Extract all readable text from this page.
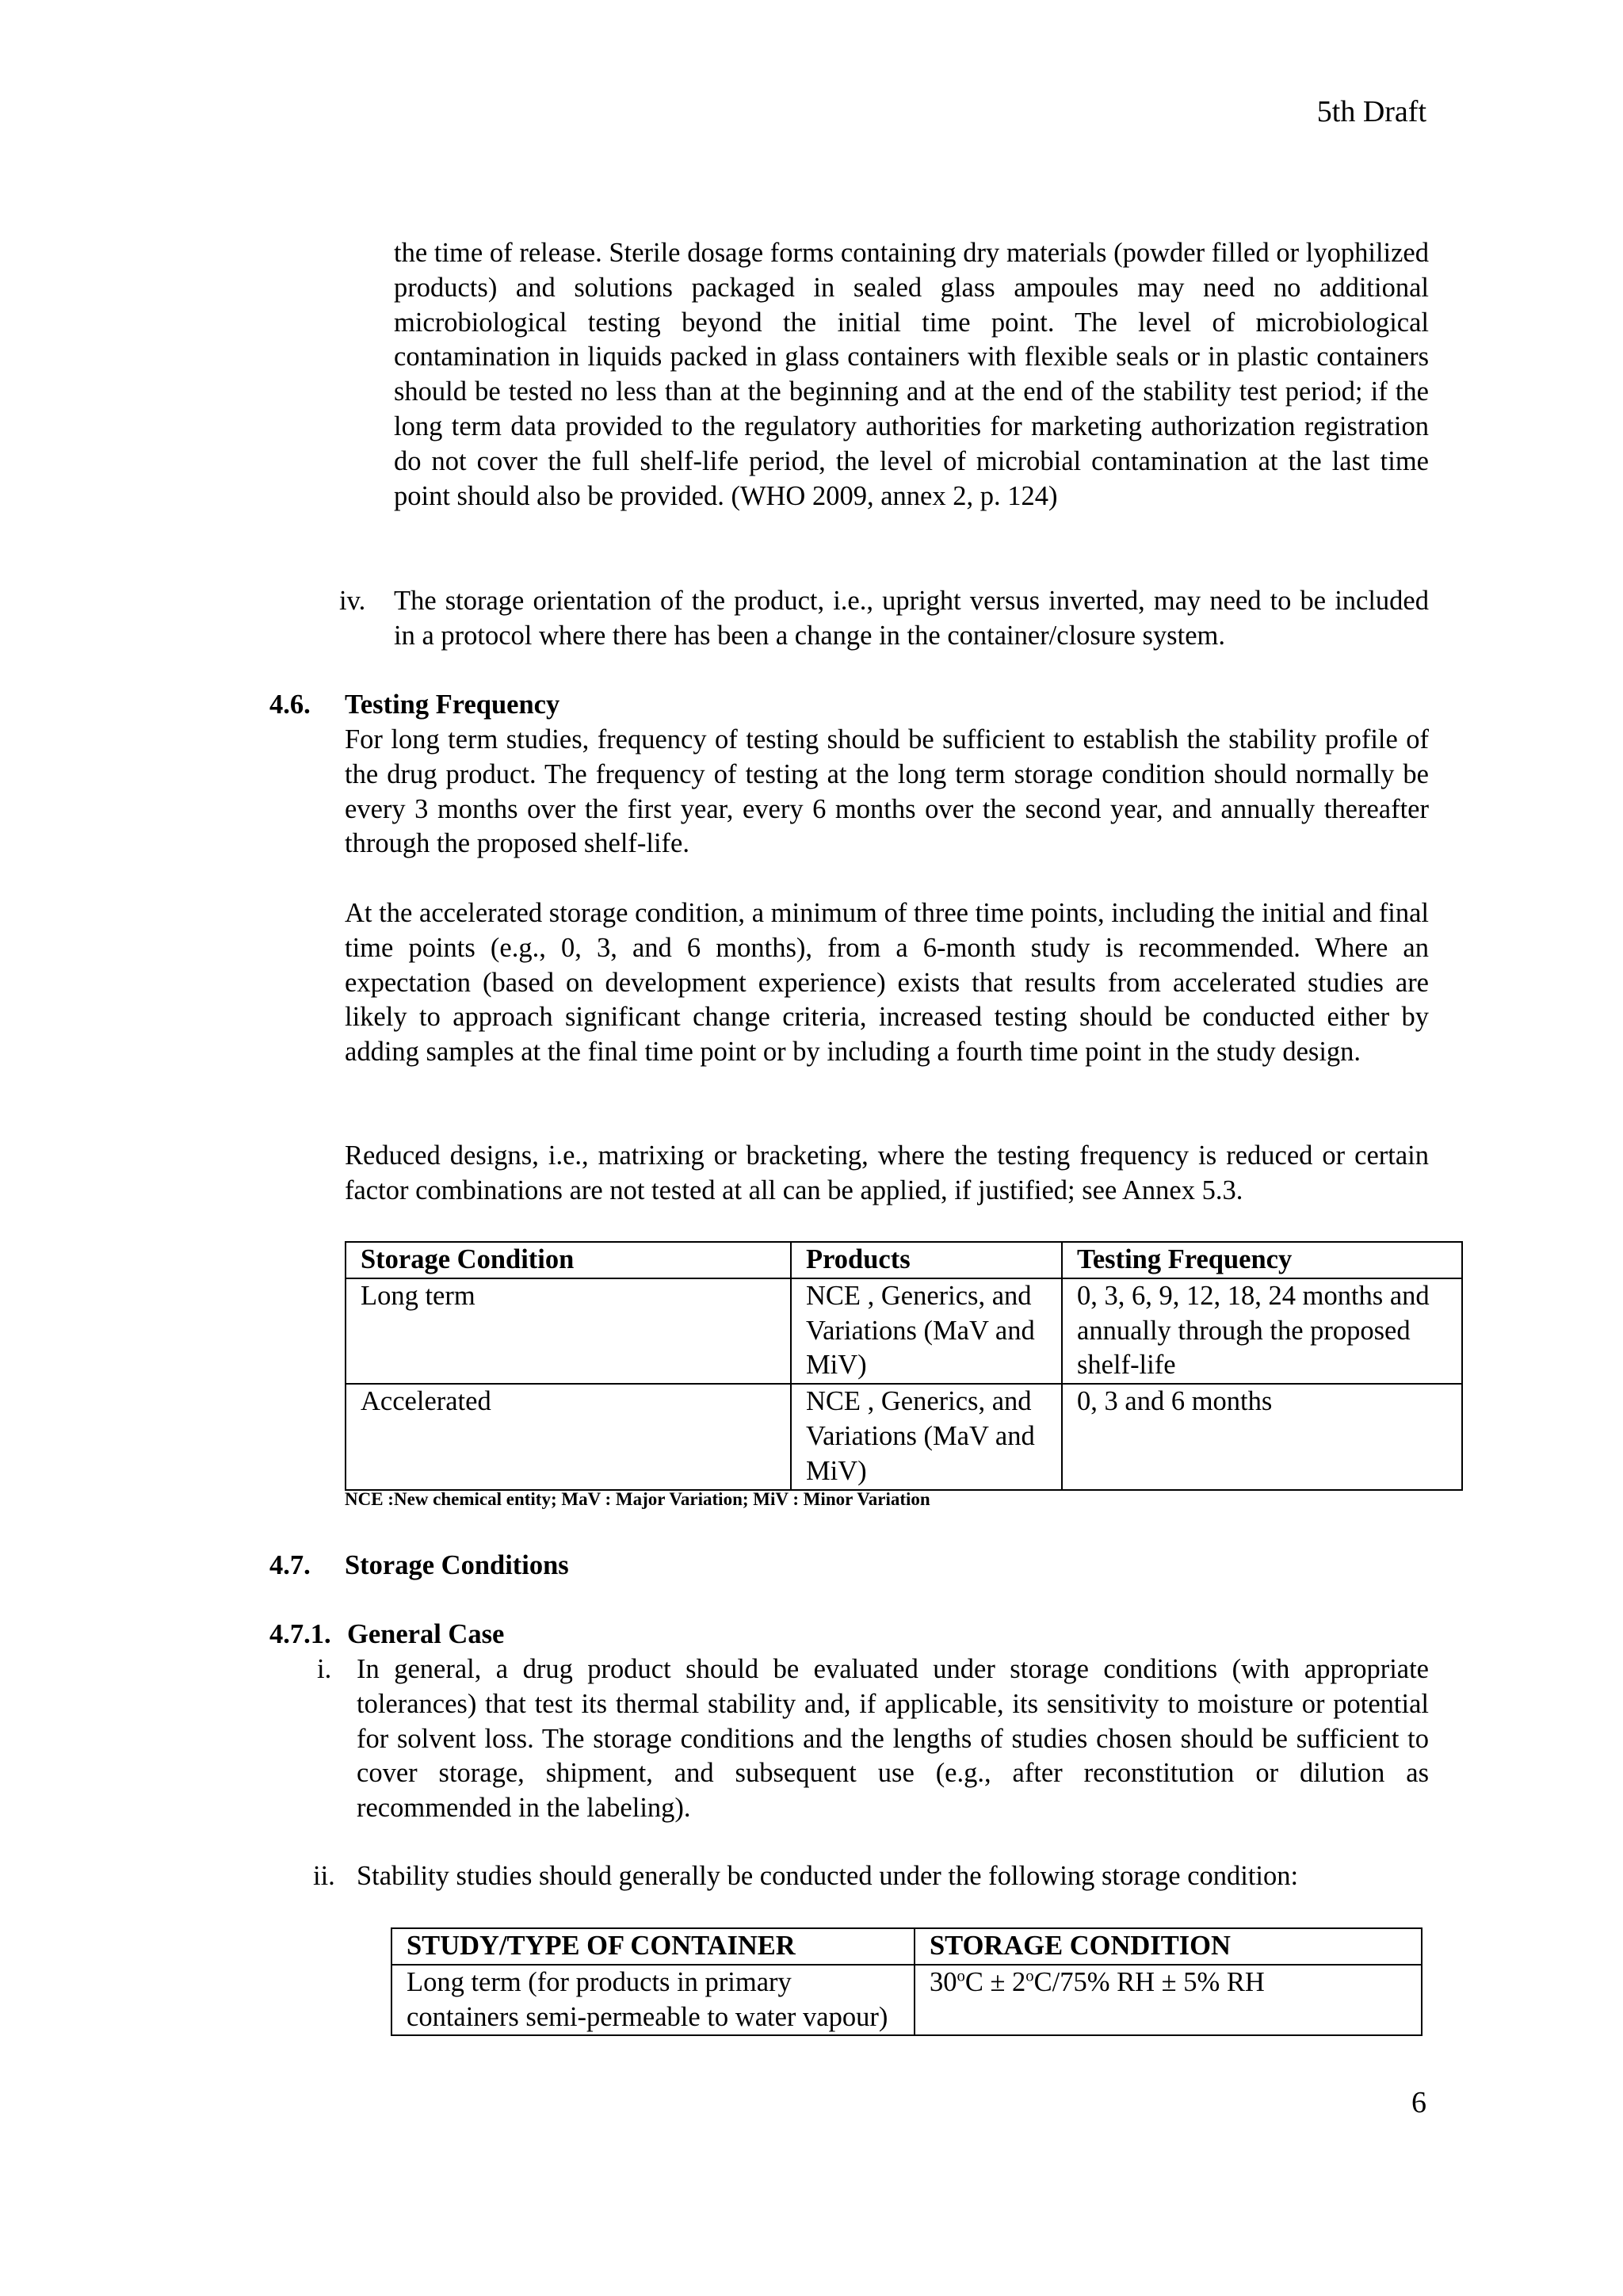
5th Draft
the time of release. Sterile dosage forms containing dry materials (powder filled or lyophilized products) and solutions packaged in sealed glass ampoules may need no additional microbiological testing beyond the initial time point. The level of microbiological contamination in liquids packed in glass containers with flexible seals or in plastic containers should be tested no less than at the beginning and at the end of the stability test period; if the long term data provided to the regulatory authorities for marketing authorization registration do not cover the full shelf-life period, the level of microbial contamination at the last time point should also be provided. (WHO 2009, annex 2, p. 124)
iv. The storage orientation of the product, i.e., upright versus inverted, may need to be included in a protocol where there has been a change in the container/closure system.
4.6. Testing Frequency
For long term studies, frequency of testing should be sufficient to establish the stability profile of the drug product. The frequency of testing at the long term storage condition should normally be every 3 months over the first year, every 6 months over the second year, and annually thereafter through the proposed shelf-life.
At the accelerated storage condition, a minimum of three time points, including the initial and final time points (e.g., 0, 3, and 6 months), from a 6-month study is recommended. Where an expectation (based on development experience) exists that results from accelerated studies are likely to approach significant change criteria, increased testing should be conducted either by adding samples at the final time point or by including a fourth time point in the study design.
Reduced designs, i.e., matrixing or bracketing, where the testing frequency is reduced or certain factor combinations are not tested at all can be applied, if justified; see Annex 5.3.
Storage Condition	Products	Testing Frequency
Long term	NCE , Generics, and Variations (MaV and MiV)	0, 3, 6, 9, 12, 18, 24 months and annually through the proposed shelf-life
Accelerated	NCE , Generics, and Variations (MaV and MiV)	0, 3 and 6 months
NCE :New chemical entity; MaV : Major Variation; MiV : Minor Variation
4.7. Storage Conditions
4.7.1. General Case
i. In general, a drug product should be evaluated under storage conditions (with appropriate tolerances) that test its thermal stability and, if applicable, its sensitivity to moisture or potential for solvent loss. The storage conditions and the lengths of studies chosen should be sufficient to cover storage, shipment, and subsequent use (e.g., after reconstitution or dilution as recommended in the labeling).
ii. Stability studies should generally be conducted under the following storage condition:
STUDY/TYPE OF CONTAINER	STORAGE CONDITION
Long term (for products in primary containers semi-permeable to water vapour)	$30^oC \pm 2^oC/75\%$ RH ± 5% RH
6
